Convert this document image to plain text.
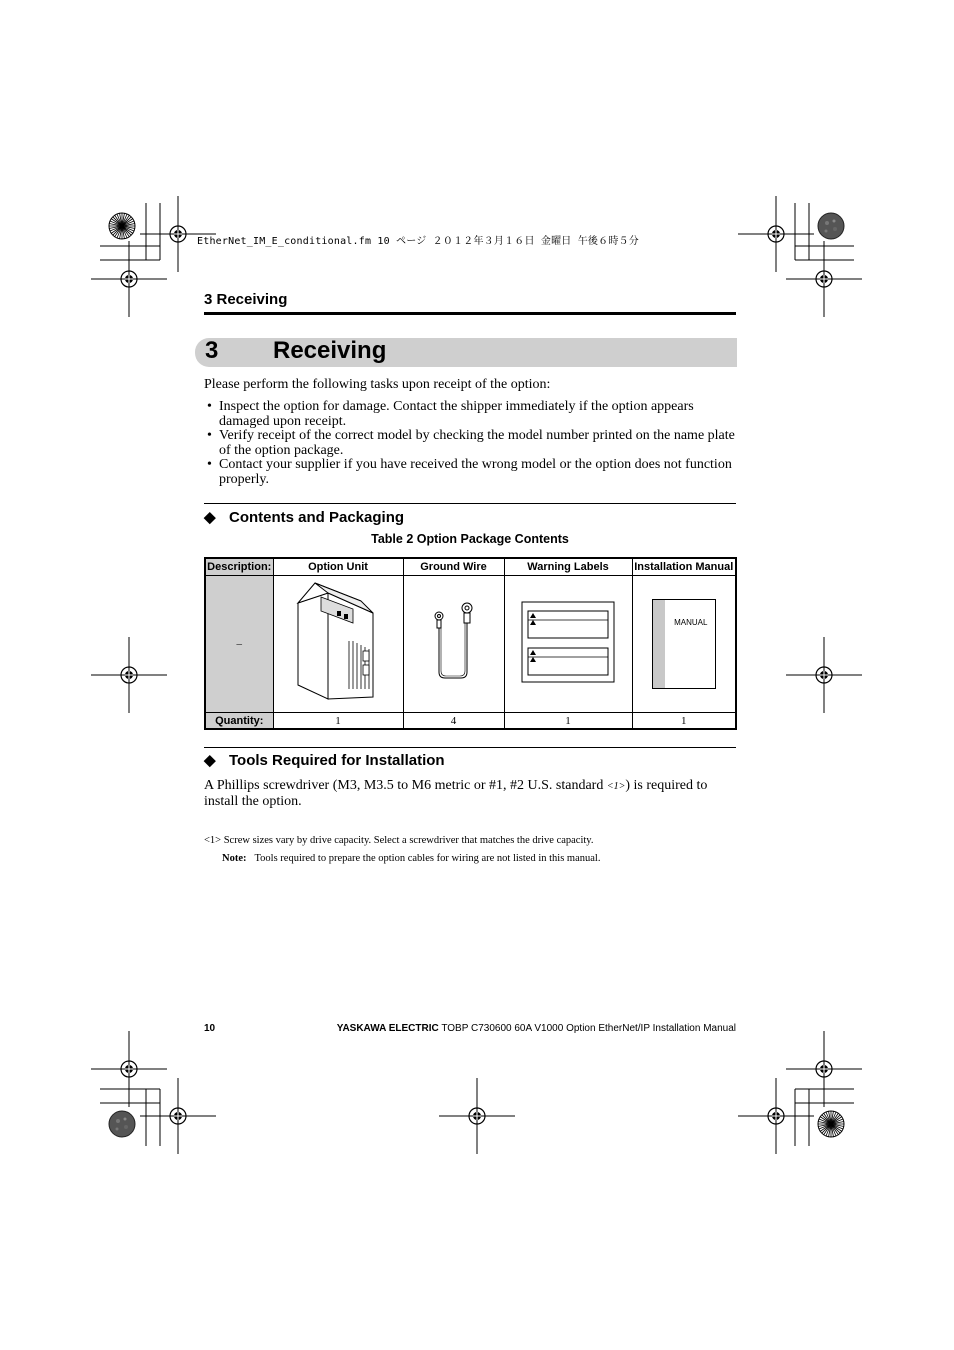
EtherNet_IM_E_conditional.fm 10 ページ ２０１２年３月１６日 金曜日 午後６時５分
3 Receiving
3 Receiving
Please perform the following tasks upon receipt of the option:
• Inspect the option for damage. Contact the shipper immediately if the option appears damaged upon receipt.
• Verify receipt of the correct model by checking the model number printed on the name plate of the option package.
• Contact your supplier if you have received the wrong model or the option does not function properly.
◆ Contents and Packaging
Table 2 Option Package Contents
Description:	Option Unit	Ground Wire	Warning Labels	Installation Manual
–				MANUAL

Quantity:	1	4	1	1
◆ Tools Required for Installation
A Phillips screwdriver (M3, M3.5 to M6 metric or #1, #2 U.S. standard <1>) is required to install the option.
<1> Screw sizes vary by drive capacity. Select a screwdriver that matches the drive capacity.
Note: Tools required to prepare the option cables for wiring are not listed in this manual.
10	YASKAWA ELECTRIC TOBP C730600 60A V1000 Option EtherNet/IP Installation Manual
